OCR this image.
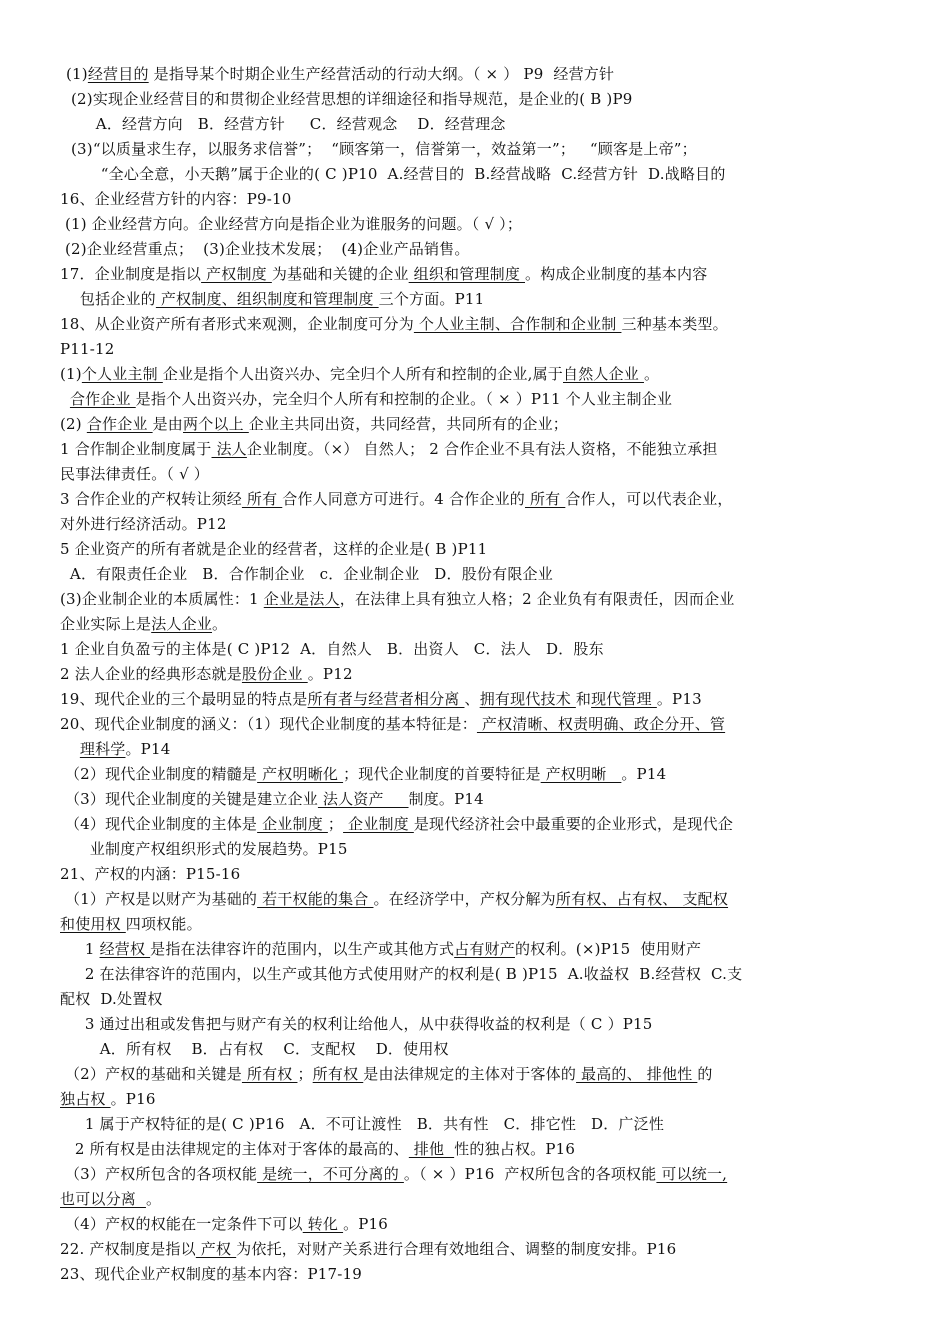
(1)经营目的 是指导某个时期企业生产经营活动的行动大纲。（ × ） P9  经营方针
(2)实现企业经营目的和贯彻企业经营思想的详细途径和指导规范，是企业的( B )P9
A．经营方向   B．经营方针     C．经营观念    D．经营理念
(3)“以质量求生存，以服务求信誉”；  “顾客第一，信誉第一，效益第一”；   “顾客是上帝”；
“全心全意，小天鹅”属于企业的( C )P10  A.经营目的  B.经营战略  C.经营方针  D.战略目的
16、企业经营方针的内容：P9-10
(1) 企业经营方向。企业经营方向是指企业为谁服务的问题。（ √ ）；
(2)企业经营重点；  (3)企业技术发展；  (4)企业产品销售。
17．企业制度是指以 产权制度 为基础和关键的企业 组织和管理制度 。构成企业制度的基本内容
包括企业的 产权制度、组织制度和管理制度 三个方面。P11
18、从企业资产所有者形式来观测，企业制度可分为 个人业主制、合作制和企业制 三种基本类型。
P11-12
(1)个人业主制 企业是指个人出资兴办、完全归个人所有和控制的企业,属于自然人企业 。
合作企业 是指个人出资兴办，完全归个人所有和控制的企业。（ × ）P11 个人业主制企业
(2) 合作企业 是由两个以上 企业主共同出资，共同经营，共同所有的企业；
1 合作制企业制度属于 法人企业制度。（×） 自然人； 2 合作企业不具有法人资格，不能独立承担
民事法律责任。（ √ ）
3 合作企业的产权转让须经 所有 合作人同意方可进行。4 合作企业的 所有 合作人，可以代表企业，
对外进行经济活动。P12
5 企业资产的所有者就是企业的经营者，这样的企业是( B )P11
A．有限责任企业   B．合作制企业   c．企业制企业   D．股份有限企业
(3)企业制企业的本质属性：1 企业是法人，在法律上具有独立人格；2 企业负有有限责任，因而企业
企业实际上是法人企业。
1 企业自负盈亏的主体是( C )P12  A．自然人   B．出资人   C．法人   D．股东
2 法人企业的经典形态就是股份企业 。P12
19、现代企业的三个最明显的特点是所有者与经营者相分离 、拥有现代技术 和现代管理 。P13
20、现代企业制度的涵义：（1）现代企业制度的基本特征是： 产权清晰、权责明确、政企分开、管
理科学。P14
（2）现代企业制度的精髓是 产权明晰化 ；现代企业制度的首要特征是 产权明晰   。P14
（3）现代企业制度的关键是建立企业 法人资产     制度。P14
（4）现代企业制度的主体是 企业制度 ； 企业制度 是现代经济社会中最重要的企业形式，是现代企
业制度产权组织形式的发展趋势。P15
21、产权的内涵：P15-16
（1）产权是以财产为基础的 若干权能的集合 。在经济学中，产权分解为所有权、占有权、 支配权
和使用权 四项权能。
1 经营权 是指在法律容许的范围内，以生产或其他方式占有财产的权利。(×)P15  使用财产
2 在法律容许的范围内，以生产或其他方式使用财产的权利是( B )P15  A.收益权  B.经营权  C.支
配权  D.处置权
3 通过出租或发售把与财产有关的权利让给他人，从中获得收益的权利是（ C ）P15
A．所有权    B．占有权    C．支配权    D．使用权
（2）产权的基础和关键是 所有权 ；所有权 是由法律规定的主体对于客体的 最高的、 排他性 的
独占权 。P16
1 属于产权特征的是( C )P16   A．不可让渡性   B．共有性   C．排它性   D．广泛性
2 所有权是由法律规定的主体对于客体的最高的、 排他  性的独占权。P16
（3）产权所包含的各项权能 是统一，不可分离的 。（ × ）P16  产权所包含的各项权能 可以统一,
也可以分离  。
（4）产权的权能在一定条件下可以 转化 。P16
22. 产权制度是指以 产权 为依托，对财产关系进行合理有效地组合、调整的制度安排。P16
23、现代企业产权制度的基本内容：P17-19
